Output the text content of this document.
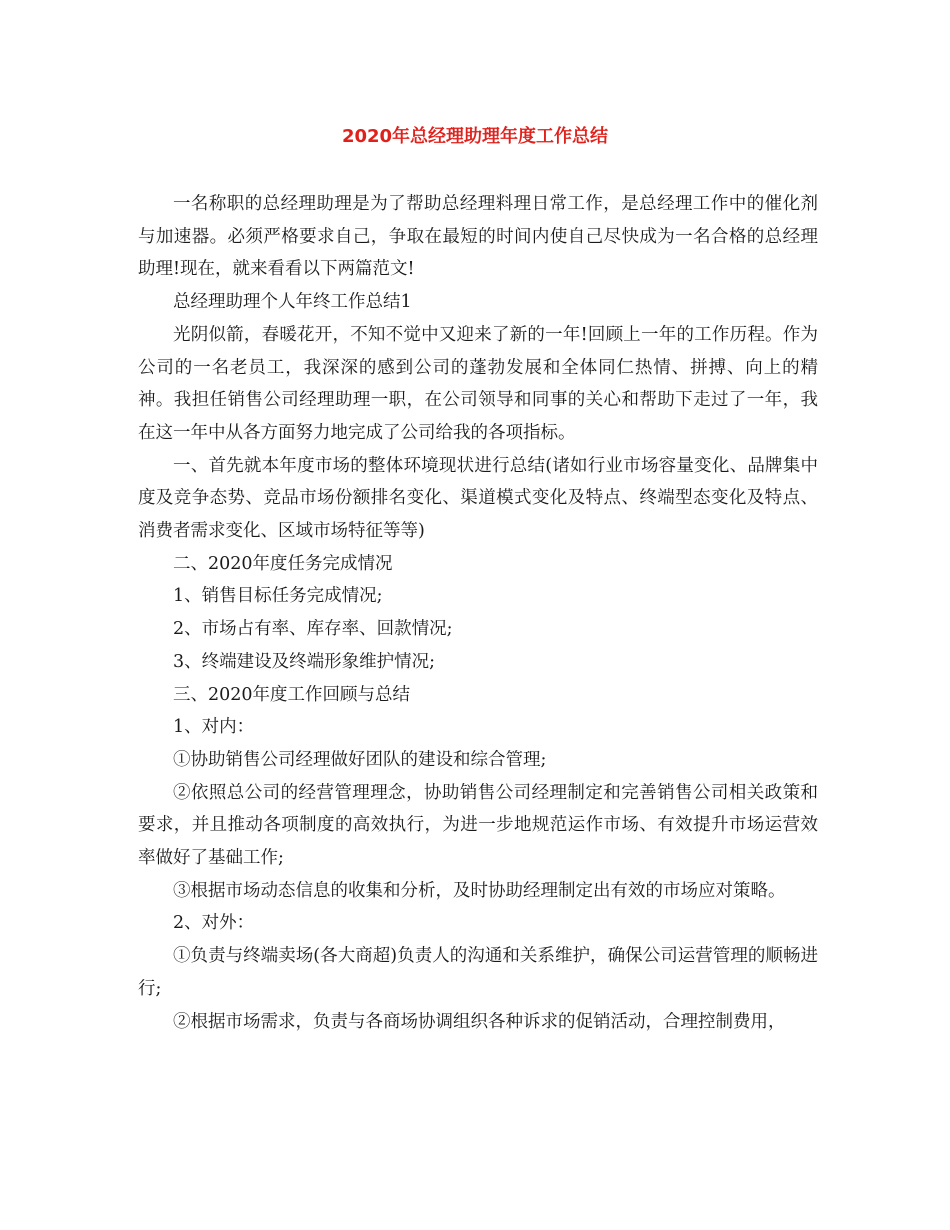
2020年总经理助理年度工作总结

一名称职的总经理助理是为了帮助总经理料理日常工作，是总经理工作中的催化剂与加速器。必须严格要求自己，争取在最短的时间内使自己尽快成为一名合格的总经理助理!现在，就来看看以下两篇范文!

总经理助理个人年终工作总结1

光阴似箭，春暖花开，不知不觉中又迎来了新的一年!回顾上一年的工作历程。作为公司的一名老员工，我深深的感到公司的蓬勃发展和全体同仁热情、拼搏、向上的精神。我担任销售公司经理助理一职，在公司领导和同事的关心和帮助下走过了一年，我在这一年中从各方面努力地完成了公司给我的各项指标。

一、首先就本年度市场的整体环境现状进行总结(诸如行业市场容量变化、品牌集中度及竞争态势、竞品市场份额排名变化、渠道模式变化及特点、终端型态变化及特点、消费者需求变化、区域市场特征等等)

二、2020年度任务完成情况

1、销售目标任务完成情况;

2、市场占有率、库存率、回款情况;

3、终端建设及终端形象维护情况;

三、2020年度工作回顾与总结

1、对内：

①协助销售公司经理做好团队的建设和综合管理;

②依照总公司的经营管理理念，协助销售公司经理制定和完善销售公司相关政策和要求，并且推动各项制度的高效执行，为进一步地规范运作市场、有效提升市场运营效率做好了基础工作;

③根据市场动态信息的收集和分析，及时协助经理制定出有效的市场应对策略。

2、对外：

①负责与终端卖场(各大商超)负责人的沟通和关系维护，确保公司运营管理的顺畅进行;

②根据市场需求，负责与各商场协调组织各种诉求的促销活动，合理控制费用，
